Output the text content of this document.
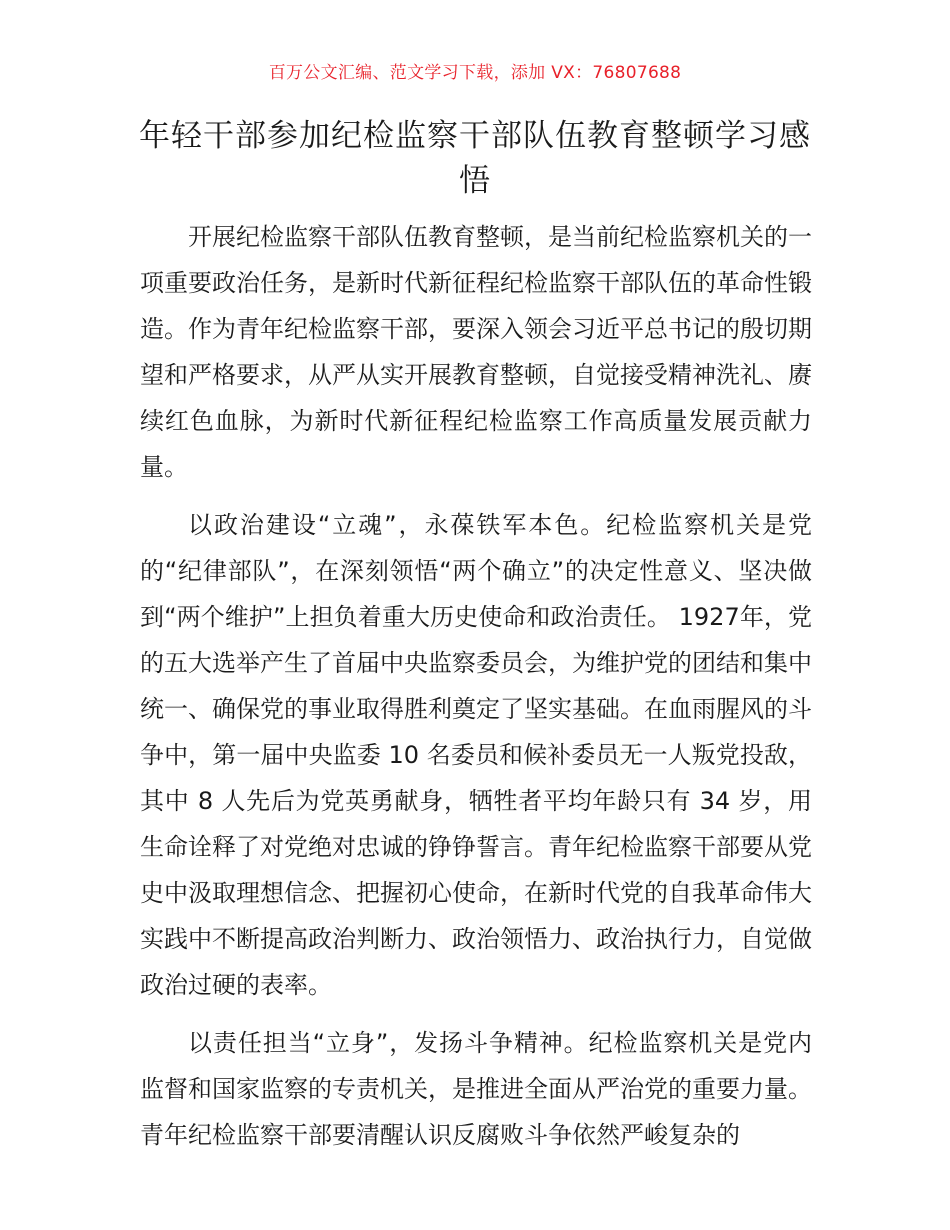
百万公文汇编、范文学习下载，添加 VX：76807688
年轻干部参加纪检监察干部队伍教育整顿学习感悟

开展纪检监察干部队伍教育整顿，是当前纪检监察机关的一项重要政治任务，是新时代新征程纪检监察干部队伍的革命性锻造。作为青年纪检监察干部，要深入领会习近平总书记的殷切期望和严格要求，从严从实开展教育整顿，自觉接受精神洗礼、赓续红色血脉，为新时代新征程纪检监察工作高质量发展贡献力量。

以政治建设“立魂”，永葆铁军本色。纪检监察机关是党的“纪律部队”，在深刻领悟“两个确立”的决定性意义、坚决做到“两个维护”上担负着重大历史使命和政治责任。 1927年，党的五大选举产生了首届中央监察委员会，为维护党的团结和集中统一、确保党的事业取得胜利奠定了坚实基础。在血雨腥风的斗争中，第一届中央监委 10 名委员和候补委员无一人叛党投敌，其中 8 人先后为党英勇献身，牺牲者平均年龄只有 34 岁，用生命诠释了对党绝对忠诚的铮铮誓言。青年纪检监察干部要从党史中汲取理想信念、把握初心使命，在新时代党的自我革命伟大实践中不断提高政治判断力、政治领悟力、政治执行力，自觉做政治过硬的表率。

以责任担当“立身”，发扬斗争精神。纪检监察机关是党内监督和国家监察的专责机关，是推进全面从严治党的重要力量。青年纪检监察干部要清醒认识反腐败斗争依然严峻复杂的
